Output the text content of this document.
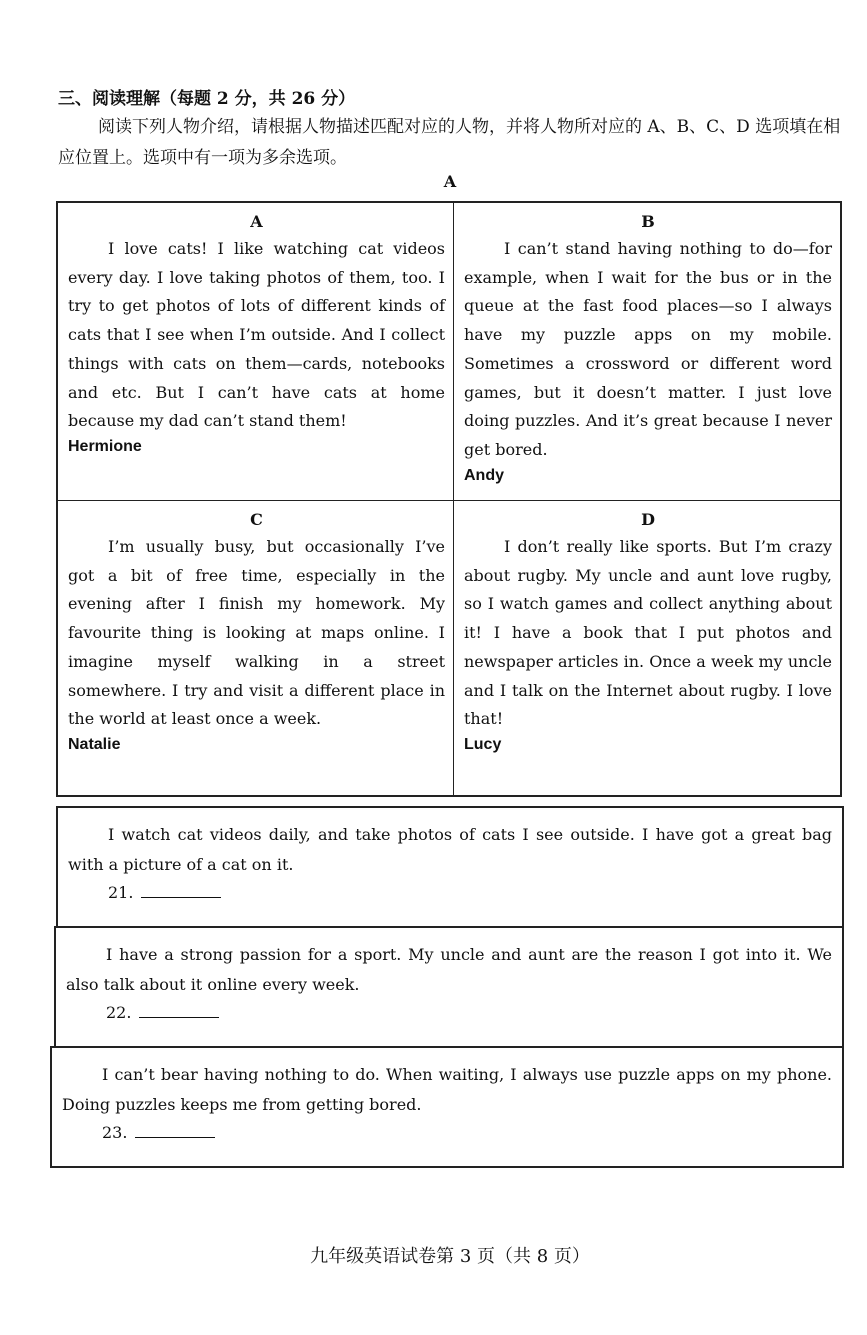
三、阅读理解（每题 2 分，共 26 分）
阅读下列人物介绍，请根据人物描述匹配对应的人物，并将人物所对应的 A、B、C、D 选项填在相应位置上。选项中有一项为多余选项。
A
A
I love cats! I like watching cat videos every day. I love taking photos of them, too. I try to get photos of lots of different kinds of cats that I see when I’m outside. And I collect things with cats on them—cards, notebooks and etc. But I can’t have cats at home because my dad can’t stand them!
Hermione
B
I can’t stand having nothing to do—for example, when I wait for the bus or in the queue at the fast food places—so I always have my puzzle apps on my mobile. Sometimes a crossword or different word games, but it doesn’t matter. I just love doing puzzles. And it’s great because I never get bored.
Andy
C
I’m usually busy, but occasionally I’ve got a bit of free time, especially in the evening after I finish my homework. My favourite thing is looking at maps online. I imagine myself walking in a street somewhere. I try and visit a different place in the world at least once a week.
Natalie
D
I don’t really like sports. But I’m crazy about rugby. My uncle and aunt love rugby, so I watch games and collect anything about it! I have a book that I put photos and newspaper articles in. Once a week my uncle and I talk on the Internet about rugby. I love that!
Lucy
I watch cat videos daily, and take photos of cats I see outside. I have got a great bag with a picture of a cat on it.
21.
I have a strong passion for a sport. My uncle and aunt are the reason I got into it. We also talk about it online every week.
22.
I can’t bear having nothing to do. When waiting, I always use puzzle apps on my phone. Doing puzzles keeps me from getting bored.
23.
九年级英语试卷第 3 页（共 8 页）
